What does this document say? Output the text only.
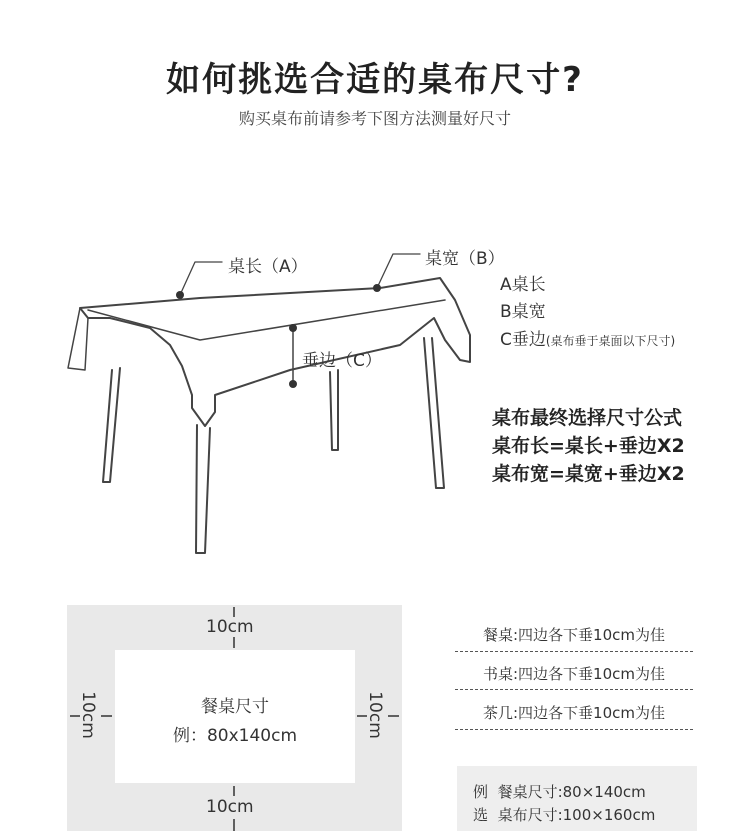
如何挑选合适的桌布尺寸?
购买桌布前请参考下图方法测量好尺寸
桌长（A）	桌宽（B）
垂边（C）
A桌长
B桌宽
C垂边(桌布垂于桌面以下尺寸)
桌布最终选择尺寸公式
桌布长=桌长+垂边X2
桌布宽=桌宽+垂边X2
10cm
10cm
10cm	10cm
餐桌尺寸
例：80x140cm
餐桌:四边各下垂10cm为佳
书桌:四边各下垂10cm为佳
茶几:四边各下垂10cm为佳
例 餐桌尺寸:80×140cm
选 桌布尺寸:100×160cm
